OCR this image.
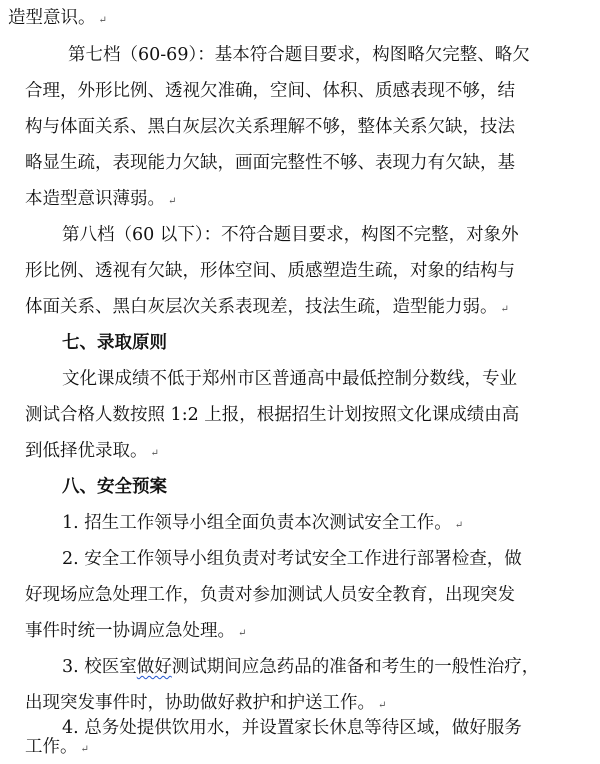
造型意识。 ↵
第七档（60-69）：基本符合题目要求，构图略欠完整、略欠
合理，外形比例、透视欠准确，空间、体积、质感表现不够，结
构与体面关系、黑白灰层次关系理解不够，整体关系欠缺，技法
略显生疏，表现能力欠缺，画面完整性不够、表现力有欠缺，基
本造型意识薄弱。 ↵
第八档（60 以下）：不符合题目要求，构图不完整，对象外
形比例、透视有欠缺，形体空间、质感塑造生疏，对象的结构与
体面关系、黑白灰层次关系表现差，技法生疏，造型能力弱。 ↵
七、录取原则
文化课成绩不低于郑州市区普通高中最低控制分数线，专业
测试合格人数按照 1:2 上报，根据招生计划按照文化课成绩由高
到低择优录取。 ↵
八、安全预案
1. 招生工作领导小组全面负责本次测试安全工作。 ↵
2. 安全工作领导小组负责对考试安全工作进行部署检查，做
好现场应急处理工作，负责对参加测试人员安全教育，出现突发
事件时统一协调应急处理。 ↵
3. 校医室做好测试期间应急药品的准备和考生的一般性治疗，
出现突发事件时，协助做好救护和护送工作。 ↵
4. 总务处提供饮用水，并设置家长休息等待区域，做好服务
工作。 ↵
